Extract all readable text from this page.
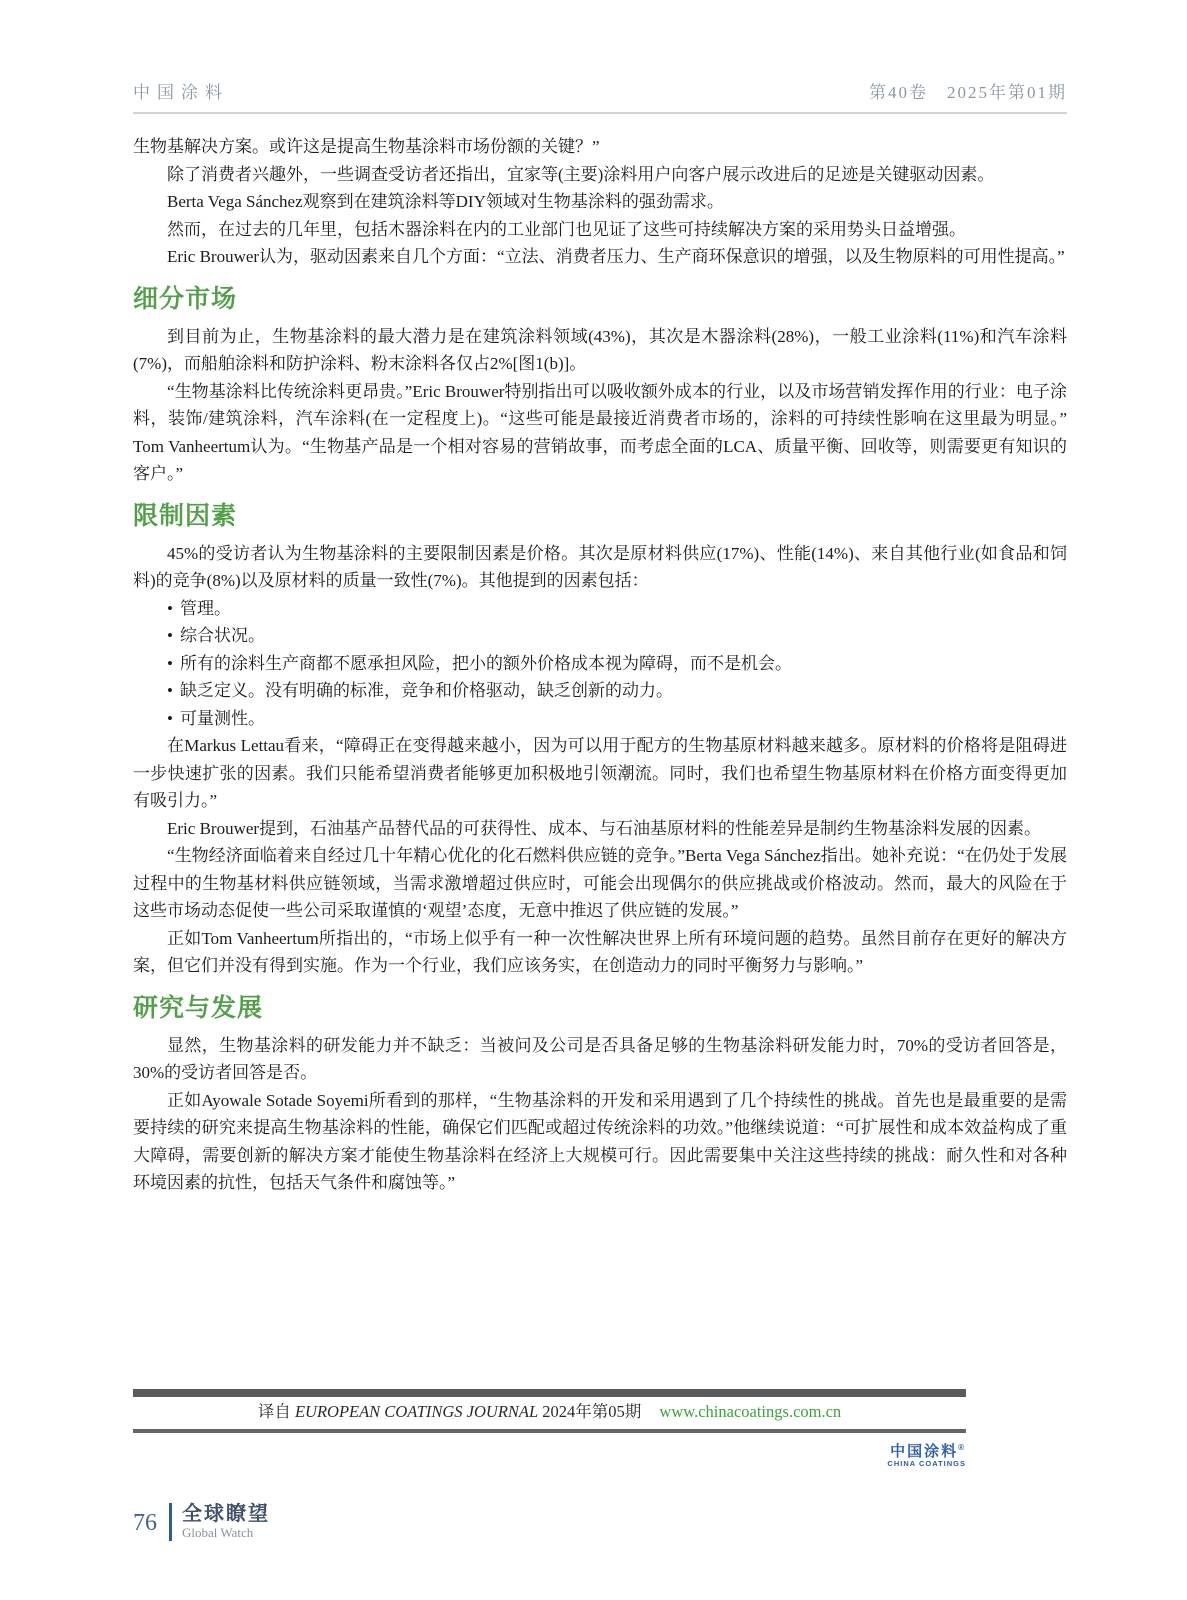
中国涂料	第40卷　2025年第01期

生物基解决方案。或许这是提高生物基涂料市场份额的关键？”

除了消费者兴趣外，一些调查受访者还指出，宜家等(主要)涂料用户向客户展示改进后的足迹是关键驱动因素。

Berta Vega Sánchez观察到在建筑涂料等DIY领域对生物基涂料的强劲需求。

然而，在过去的几年里，包括木器涂料在内的工业部门也见证了这些可持续解决方案的采用势头日益增强。

Eric Brouwer认为，驱动因素来自几个方面：“立法、消费者压力、生产商环保意识的增强，以及生物原料的可用性提高。”

细分市场

到目前为止，生物基涂料的最大潜力是在建筑涂料领域(43%)，其次是木器涂料(28%)，一般工业涂料(11%)和汽车涂料(7%)，而船舶涂料和防护涂料、粉末涂料各仅占2%[图1(b)]。

“生物基涂料比传统涂料更昂贵。”Eric Brouwer特别指出可以吸收额外成本的行业，以及市场营销发挥作用的行业：电子涂料，装饰/建筑涂料，汽车涂料(在一定程度上)。“这些可能是最接近消费者市场的，涂料的可持续性影响在这里最为明显。”Tom Vanheertum认为。“生物基产品是一个相对容易的营销故事，而考虑全面的LCA、质量平衡、回收等，则需要更有知识的客户。”

限制因素

45%的受访者认为生物基涂料的主要限制因素是价格。其次是原材料供应(17%)、性能(14%)、来自其他行业(如食品和饲料)的竞争(8%)以及原材料的质量一致性(7%)。其他提到的因素包括：

• 管理。
• 综合状况。
• 所有的涂料生产商都不愿承担风险，把小的额外价格成本视为障碍，而不是机会。
• 缺乏定义。没有明确的标准，竞争和价格驱动，缺乏创新的动力。
• 可量测性。

在Markus Lettau看来，“障碍正在变得越来越小，因为可以用于配方的生物基原材料越来越多。原材料的价格将是阻碍进一步快速扩张的因素。我们只能希望消费者能够更加积极地引领潮流。同时，我们也希望生物基原材料在价格方面变得更加有吸引力。”

Eric Brouwer提到，石油基产品替代品的可获得性、成本、与石油基原材料的性能差异是制约生物基涂料发展的因素。

“生物经济面临着来自经过几十年精心优化的化石燃料供应链的竞争。”Berta Vega Sánchez指出。她补充说：“在仍处于发展过程中的生物基材料供应链领域，当需求激增超过供应时，可能会出现偶尔的供应挑战或价格波动。然而，最大的风险在于这些市场动态促使一些公司采取谨慎的‘观望’态度，无意中推迟了供应链的发展。”

正如Tom Vanheertum所指出的，“市场上似乎有一种一次性解决世界上所有环境问题的趋势。虽然目前存在更好的解决方案，但它们并没有得到实施。作为一个行业，我们应该务实，在创造动力的同时平衡努力与影响。”

研究与发展

显然，生物基涂料的研发能力并不缺乏：当被问及公司是否具备足够的生物基涂料研发能力时，70%的受访者回答是，30%的受访者回答是否。

正如Ayowale Sotade Soyemi所看到的那样，“生物基涂料的开发和采用遇到了几个持续性的挑战。首先也是最重要的是需要持续的研究来提高生物基涂料的性能，确保它们匹配或超过传统涂料的功效。”他继续说道：“可扩展性和成本效益构成了重大障碍，需要创新的解决方案才能使生物基涂料在经济上大规模可行。因此需要集中关注这些持续的挑战：耐久性和对各种环境因素的抗性，包括天气条件和腐蚀等。”

译自 EUROPEAN COATINGS JOURNAL 2024年第05期 www.chinacoatings.com.cn
中国涂料®
CHINA COATINGS
76 全球瞭望
Global Watch
